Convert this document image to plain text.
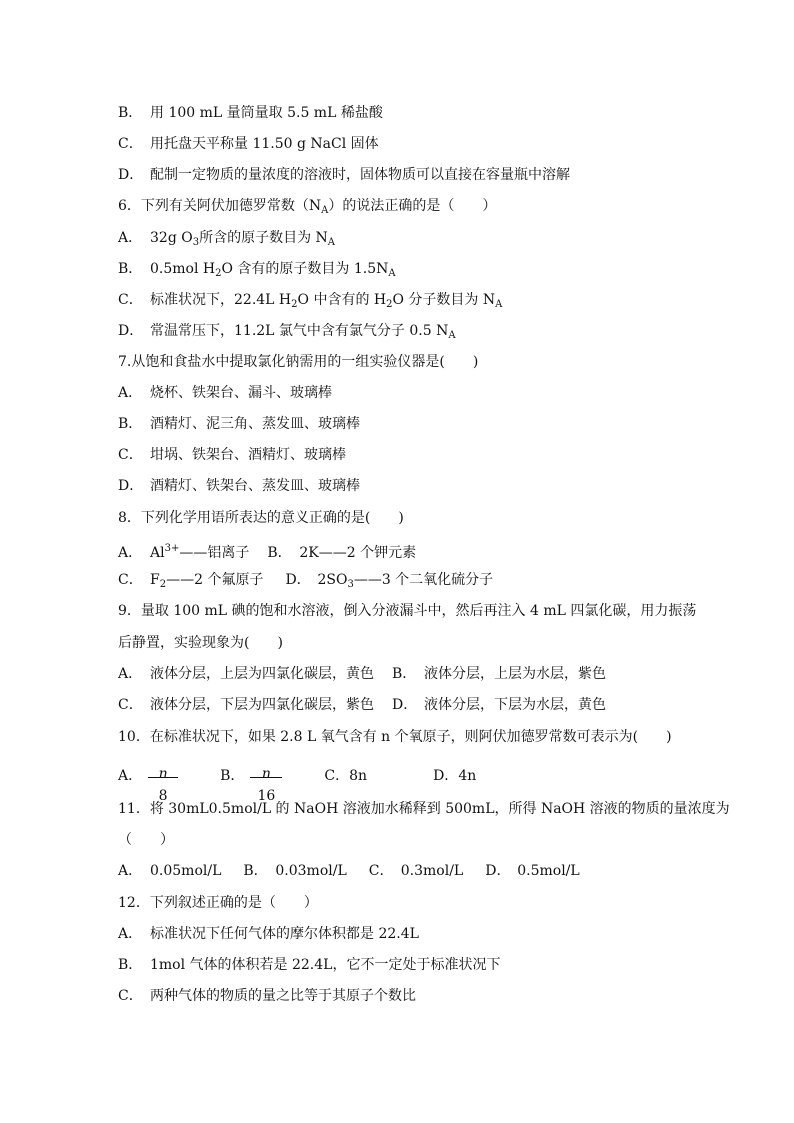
B． 用 100 mL 量筒量取 5.5 mL 稀盐酸
C． 用托盘天平称量 11.50 g NaCl 固体
D． 配制一定物质的量浓度的溶液时，固体物质可以直接在容量瓶中溶解
6．下列有关阿伏加德罗常数$(N_A)$的说法正确的是（　　）
A． 32g $O_3$所含的原子数目为 $N_A$
B． 0.5mol $H_2O$ 含有的原子数目为 $1.5N_A$
C． 标准状况下，22.4L $H_2O$ 中含有的 $H_2O$ 分子数目为 $N_A$
D． 常温常压下，11.2L 氯气中含有氯气分子 0.5 $N_A$
7.从饱和食盐水中提取氯化钠需用的一组实验仪器是(　　)
A． 烧杯、铁架台、漏斗、玻璃棒
B． 酒精灯、泥三角、蒸发皿、玻璃棒
C． 坩埚、铁架台、酒精灯、玻璃棒
D． 酒精灯、铁架台、蒸发皿、玻璃棒
8．下列化学用语所表达的意义正确的是(　　)
A． $Al^{3+}——$铝离子 B． 2K——2 个钾元素
C． $F_2——2$ 个氟原子 D． $2SO_3——3$ 个二氧化硫分子
9．量取 100 mL 碘的饱和水溶液，倒入分液漏斗中，然后再注入 4 mL 四氯化碳，用力振荡
后静置，实验现象为(　　)
A． 液体分层，上层为四氯化碳层，黄色 B． 液体分层，上层为水层，紫色
C． 液体分层，下层为四氯化碳层，紫色 D． 液体分层，下层为水层，黄色
10．在标准状况下，如果 2.8 L 氧气含有 n 个氧原子，则阿伏加德罗常数可表示为(　　)
A．	n
8
B．	n
16
C．8n	D．4n
11．将 30mL0.5mol/L 的 NaOH 溶液加水稀释到 500mL，所得 NaOH 溶液的物质的量浓度为
（　　）
A． 0.05mol/L B． 0.03mol/L C． 0.3mol/L D． 0.5mol/L
12．下列叙述正确的是（　　）
A． 标准状况下任何气体的摩尔体积都是 22.4L
B． 1mol 气体的体积若是 22.4L，它不一定处于标准状况下
C． 两种气体的物质的量之比等于其原子个数比
